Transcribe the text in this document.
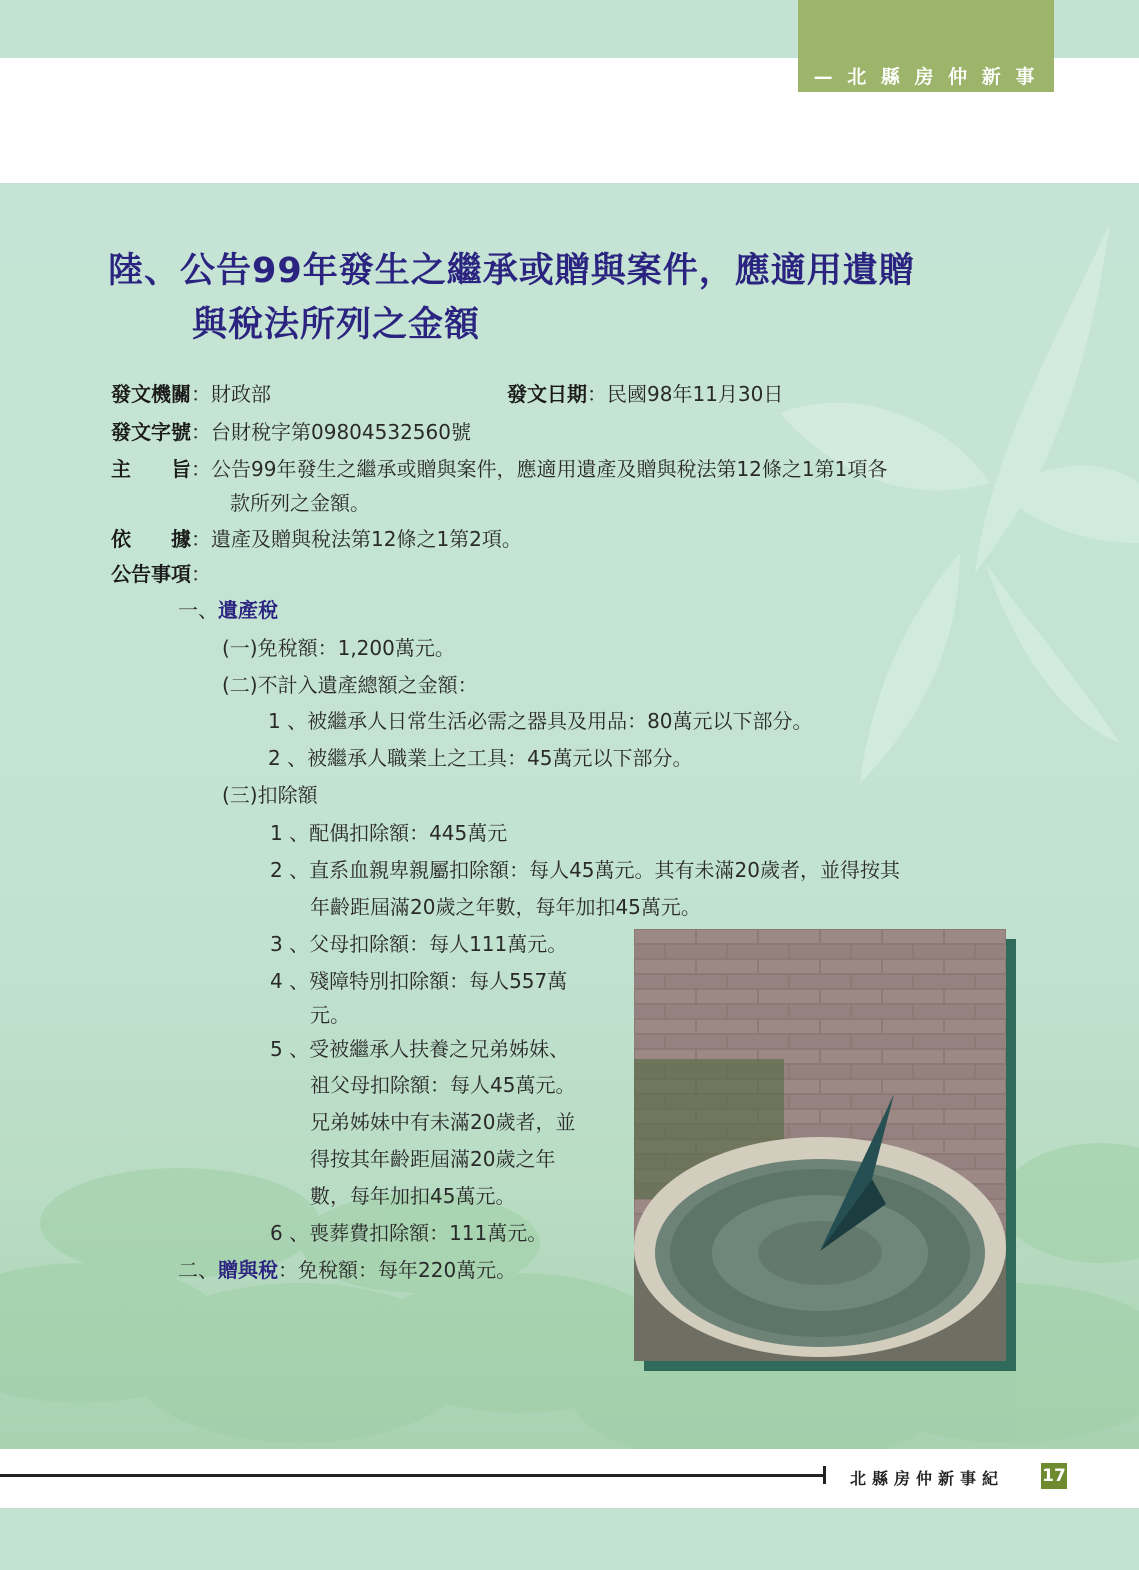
— 北 縣 房 仲 新 事 紀 —
陸、公告99年發生之繼承或贈與案件，應適用遺贈
與稅法所列之金額
發文機關：財政部	發文日期：民國98年11月30日
發文字號：台財稅字第09804532560號
主　　旨：公告99年發生之繼承或贈與案件，應適用遺產及贈與稅法第12條之1第1項各
款所列之金額。
依　　據：遺產及贈與稅法第12條之1第2項。
公告事項：
一、遺產稅
(一)免稅額：1,200萬元。
(二)不計入遺產總額之金額：
1 、被繼承人日常生活必需之器具及用品：80萬元以下部分。
2 、被繼承人職業上之工具：45萬元以下部分。
(三)扣除額
1 、配偶扣除額：445萬元
2 、直系血親卑親屬扣除額：每人45萬元。其有未滿20歲者，並得按其
年齡距屆滿20歲之年數，每年加扣45萬元。
3 、父母扣除額：每人111萬元。
4 、殘障特別扣除額：每人557萬
元。
5 、受被繼承人扶養之兄弟姊妹、
祖父母扣除額：每人45萬元。
兄弟姊妹中有未滿20歲者，並
得按其年齡距屆滿20歲之年
數，每年加扣45萬元。
6 、喪葬費扣除額：111萬元。
二、贈與稅：免稅額：每年220萬元。
北縣房仲新事紀 17
